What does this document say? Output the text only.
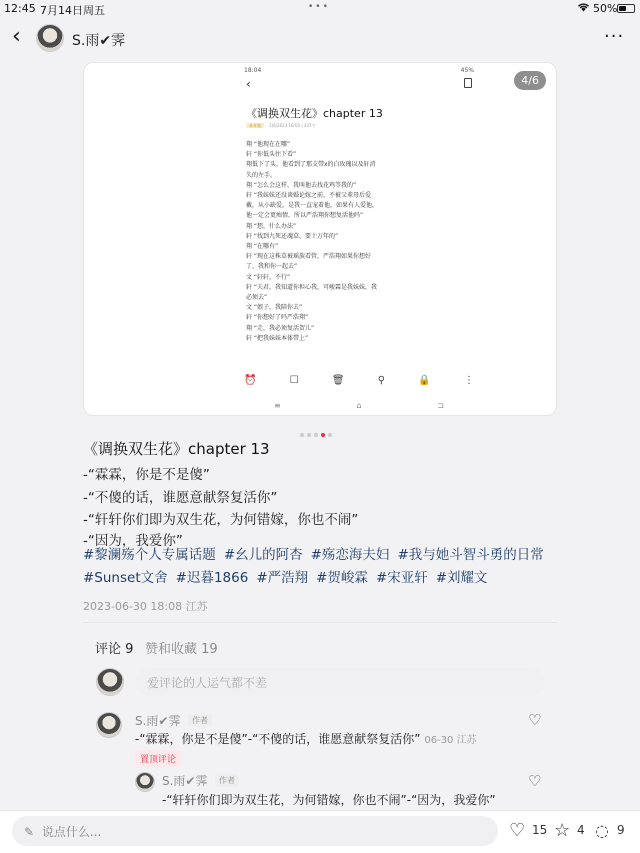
12:45 7月14日周五	•••	50%
‹	S.雨✔霁	···
4/6
18:04	45%
‹
《调换双生花》chapter 13
未开放 1/6/2023 18:03 | 337字
翔 “他现在在哪”
轩 “你低头往下看”
翔低下了头，他看到了那支带x的白玫瑰以及轩消
失的左手。
翔 “怎么会这样，我叫他去找花鸡等我的”
轩 “我妹妹还没谈婚论嫁之前，不被父辈母后爱
戴，从小缺爱，是我一直宠着他，如果有人爱他，
他一定会更痴情，所以严浩翔你想复活他吗”
翔 “想，什么办法”
轩 “找到九死还魂草，要十万年的”
翔 “在哪有”
轩 “现在这株草被瑶族看管，严浩翔如果你想好
了，我和你一起去”
文 “轩轩，不行”
轩 “夫君，我知道你担心我，可峻霖是我妹妹，我
必须去”
文 “娘子，我陪你去”
轩 “你想好了吗严浩翔”
翔 “走，我必须复活贺儿”
轩 “把我妹妹本体带上”
⏰	☐	🗑	⚲	🔒	⋮
≡	⌂	⊐
《调换双生花》chapter 13
-“霖霖，你是不是傻”
-“不傻的话，谁愿意献祭复活你”
-“轩轩你们即为双生花，为何错嫁，你也不闹”
-“因为，我爱你”
#黎澜殇个人专属话题 #幺儿的阿杏 #殇恋海夫妇 #我与她斗智斗勇的日常
#Sunset文舍 #迟暮1866 #严浩翔 #贺峻霖 #宋亚轩 #刘耀文
2023-06-30 18:08 江苏
评论 9 赞和收藏 19
爱评论的人运气都不差
S.雨✔霁	作者
-“霖霖，你是不是傻”-“不傻的话，谁愿意献祭复活你” 06-30 江苏
置顶评论
♡
S.雨✔霁	作者
-“轩轩你们即为双生花，为何错嫁，你也不闹”-“因为，我爱你”
♡
✎ 说点什么...	♡ 15 ☆ 4 ◌ 9
